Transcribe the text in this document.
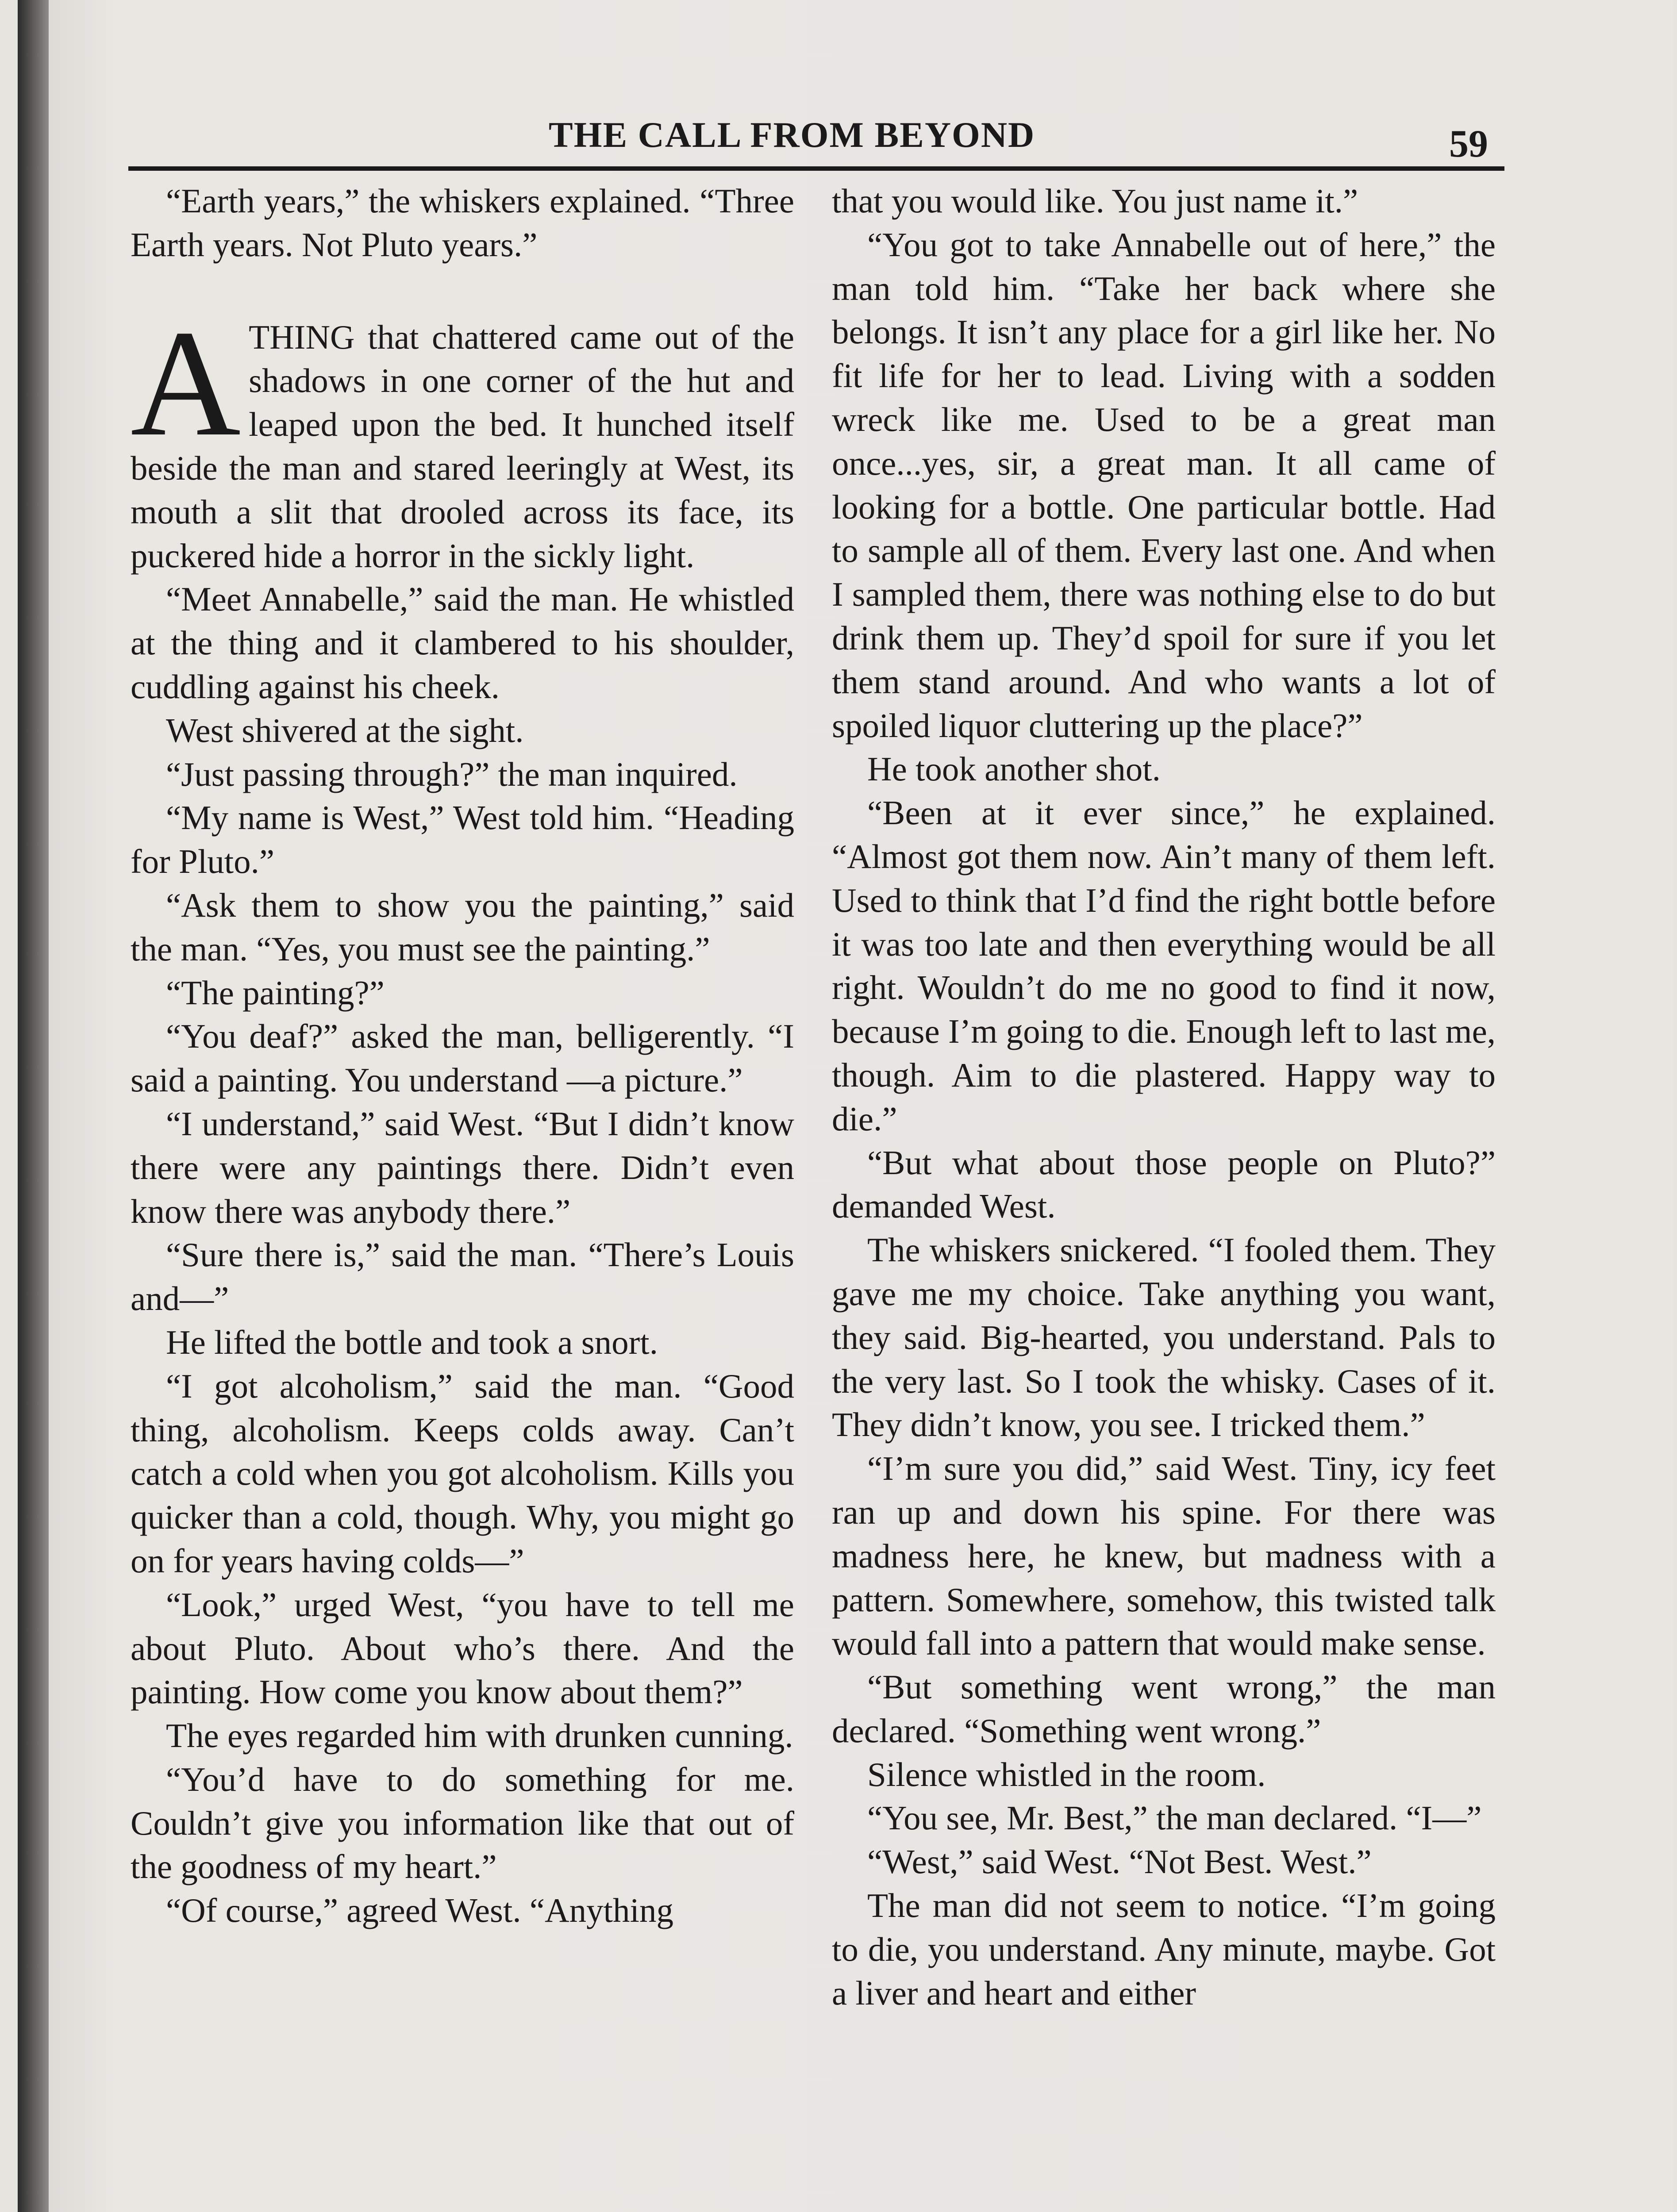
THE CALL FROM BEYOND	59

“Earth years,” the whiskers explained. “Three Earth years. Not Pluto years.”

ATHING that chattered came out of the shadows in one corner of the hut and leaped upon the bed. It hunched itself beside the man and stared leeringly at West, its mouth a slit that drooled across its face, its puckered hide a horror in the sickly light.

“Meet Annabelle,” said the man. He whistled at the thing and it clambered to his shoulder, cuddling against his cheek.

West shivered at the sight.

“Just passing through?” the man inquired.

“My name is West,” West told him. “Heading for Pluto.”

“Ask them to show you the painting,” said the man. “Yes, you must see the painting.”

“The painting?”

“You deaf?” asked the man, belligerently. “I said a painting. You understand —a picture.”

“I understand,” said West. “But I didn’t know there were any paintings there. Didn’t even know there was anybody there.”

“Sure there is,” said the man. “There’s Louis and—”

He lifted the bottle and took a snort.

“I got alcoholism,” said the man. “Good thing, alcoholism. Keeps colds away. Can’t catch a cold when you got alcoholism. Kills you quicker than a cold, though. Why, you might go on for years having colds—”

“Look,” urged West, “you have to tell me about Pluto. About who’s there. And the painting. How come you know about them?”

The eyes regarded him with drunken cunning.

“You’d have to do something for me. Couldn’t give you information like that out of the goodness of my heart.”

“Of course,” agreed West. “Anything

that you would like. You just name it.”

“You got to take Annabelle out of here,” the man told him. “Take her back where she belongs. It isn’t any place for a girl like her. No fit life for her to lead. Living with a sodden wreck like me. Used to be a great man once...yes, sir, a great man. It all came of looking for a bottle. One particular bottle. Had to sample all of them. Every last one. And when I sampled them, there was nothing else to do but drink them up. They’d spoil for sure if you let them stand around. And who wants a lot of spoiled liquor cluttering up the place?”

He took another shot.

“Been at it ever since,” he explained. “Almost got them now. Ain’t many of them left. Used to think that I’d find the right bottle before it was too late and then everything would be all right. Wouldn’t do me no good to find it now, because I’m going to die. Enough left to last me, though. Aim to die plastered. Happy way to die.”

“But what about those people on Pluto?” demanded West.

The whiskers snickered. “I fooled them. They gave me my choice. Take anything you want, they said. Big-hearted, you understand. Pals to the very last. So I took the whisky. Cases of it. They didn’t know, you see. I tricked them.”

“I’m sure you did,” said West. Tiny, icy feet ran up and down his spine. For there was madness here, he knew, but madness with a pattern. Somewhere, somehow, this twisted talk would fall into a pattern that would make sense.

“But something went wrong,” the man declared. “Something went wrong.”

Silence whistled in the room.

“You see, Mr. Best,” the man declared. “I—”

“West,” said West. “Not Best. West.”

The man did not seem to notice. “I’m going to die, you understand. Any minute, maybe. Got a liver and heart and either
